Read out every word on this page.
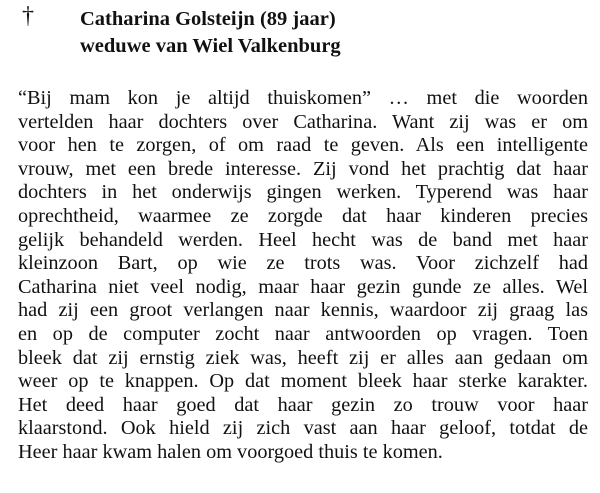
† Catharina Golsteijn (89 jaar)
weduwe van Wiel Valkenburg
“Bij mam kon je altijd thuiskomen” … met die woorden
vertelden haar dochters over Catharina. Want zij was er om
voor hen te zorgen, of om raad te geven. Als een intelligente
vrouw, met een brede interesse. Zij vond het prachtig dat haar
dochters in het onderwijs gingen werken. Typerend was haar
oprechtheid, waarmee ze zorgde dat haar kinderen precies
gelijk behandeld werden. Heel hecht was de band met haar
kleinzoon Bart, op wie ze trots was. Voor zichzelf had
Catharina niet veel nodig, maar haar gezin gunde ze alles. Wel
had zij een groot verlangen naar kennis, waardoor zij graag las
en op de computer zocht naar antwoorden op vragen. Toen
bleek dat zij ernstig ziek was, heeft zij er alles aan gedaan om
weer op te knappen. Op dat moment bleek haar sterke karakter.
Het deed haar goed dat haar gezin zo trouw voor haar
klaarstond. Ook hield zij zich vast aan haar geloof, totdat de
Heer haar kwam halen om voorgoed thuis te komen.
